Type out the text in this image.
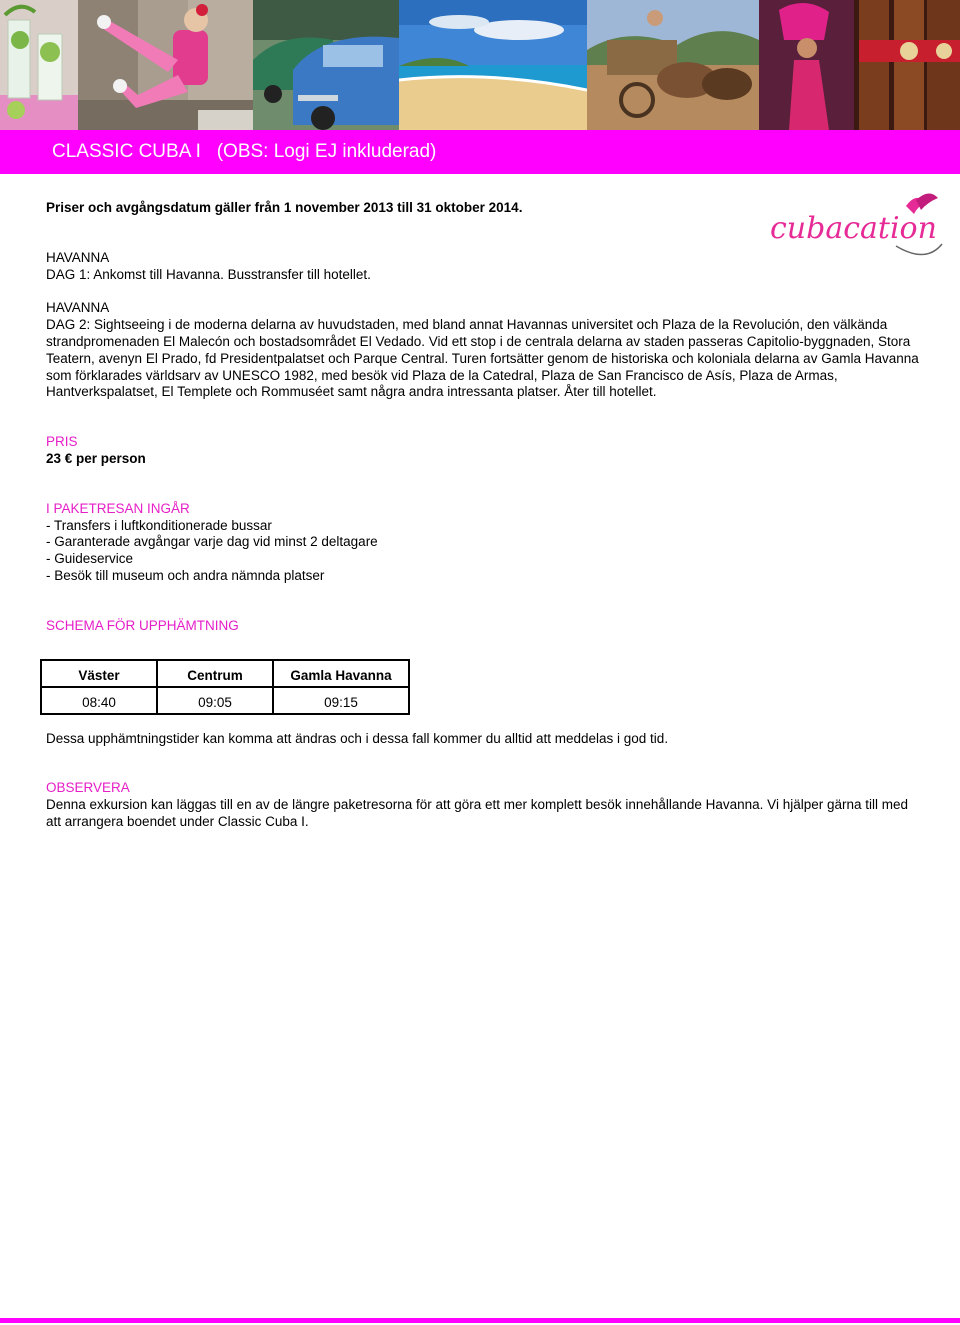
CLASSIC CUBA I   (OBS: Logi EJ inkluderad)
cubacation

Priser och avgångsdatum gäller från 1 november 2013 till 31 oktober 2014.

HAVANNA

DAG 1: Ankomst till Havanna. Busstransfer till hotellet.

HAVANNA

DAG 2: Sightseeing i de moderna delarna av huvudstaden, med bland annat Havannas universitet och Plaza de la Revolución, den välkända strandpromenaden El Malecón och bostadsområdet El Vedado. Vid ett stop i de centrala delarna av staden passeras Capitolio-byggnaden, Stora Teatern, avenyn El Prado, fd Presidentpalatset och Parque Central. Turen fortsätter genom de historiska och koloniala delarna av Gamla Havanna som förklarades världsarv av UNESCO 1982, med besök vid Plaza de la Catedral, Plaza de San Francisco de Asís, Plaza de Armas, Hantverkspalatset, El Templete och Rommuséet samt några andra intressanta platser. Åter till hotellet.

PRIS

23 € per person

I PAKETRESAN INGÅR

- Transfers i luftkonditionerade bussar

- Garanterade avgångar varje dag vid minst 2 deltagare

- Guideservice

- Besök till museum och andra nämnda platser

SCHEMA FÖR UPPHÄMTNING

Väster	Centrum	Gamla Havanna
08:40	09:05	09:15

Dessa upphämtningstider kan komma att ändras och i dessa fall kommer du alltid att meddelas i god tid.

OBSERVERA

Denna exkursion kan läggas till en av de längre paketresorna för att göra ett mer komplett besök innehållande Havanna. Vi hjälper gärna till med att arrangera boendet under Classic Cuba I.
